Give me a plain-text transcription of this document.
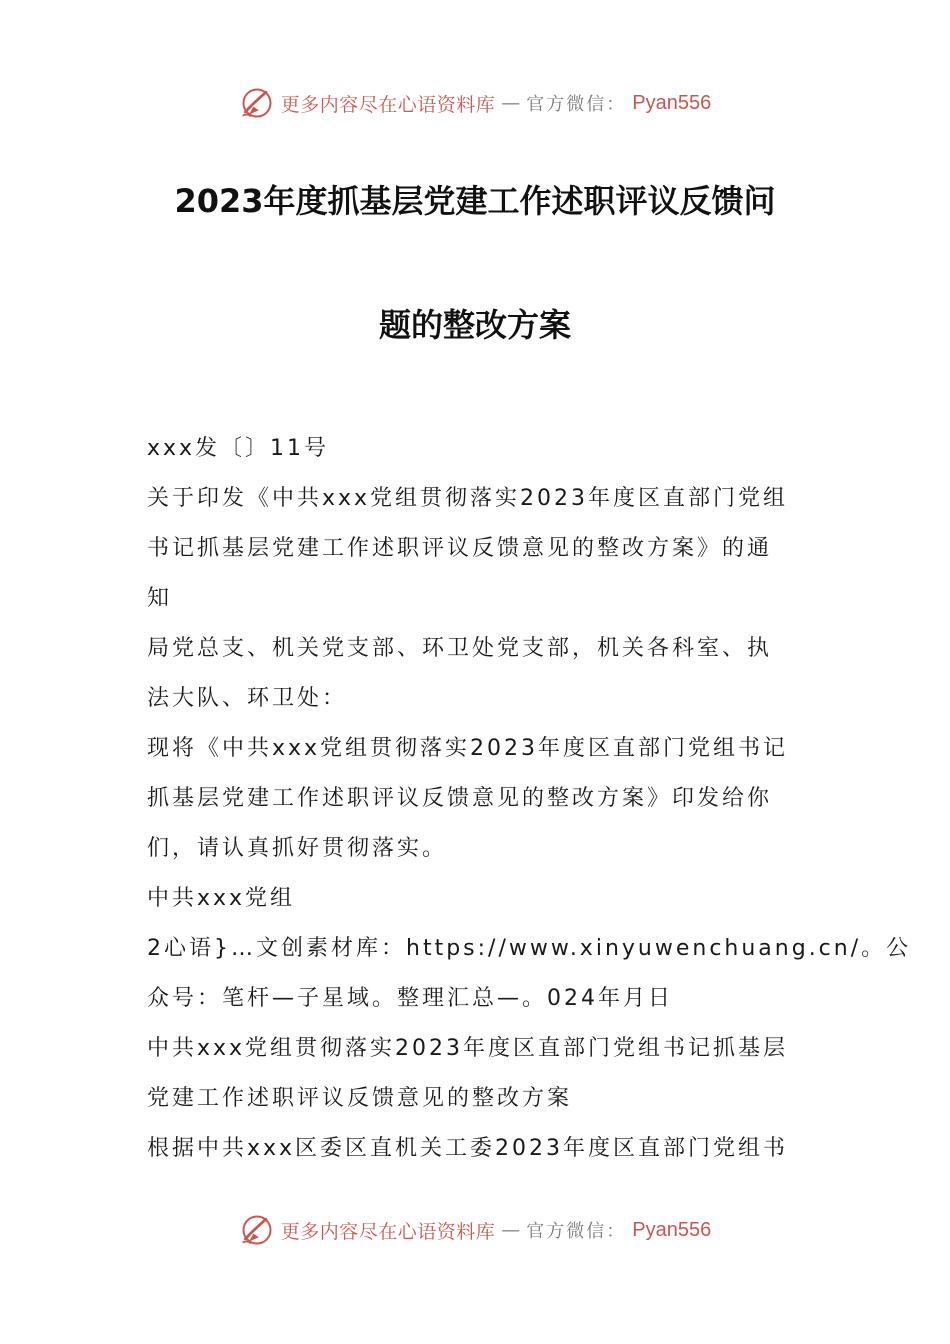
更多内容尽在心语资料库 — 官方微信： Pyan556
2023年度抓基层党建工作述职评议反馈问
题的整改方案
xxx发〔〕11号
关于印发《中共xxx党组贯彻落实2023年度区直部门党组
书记抓基层党建工作述职评议反馈意见的整改方案》的通
知
局党总支、机关党支部、环卫处党支部，机关各科室、执
法大队、环卫处：
现将《中共xxx党组贯彻落实2023年度区直部门党组书记
抓基层党建工作述职评议反馈意见的整改方案》印发给你
们，请认真抓好贯彻落实。
中共xxx党组
2心语}…文创素材库：https://www.xinyuwenchuang.cn/。公
众号：笔杆—子星域。整理汇总—。024年月日
中共xxx党组贯彻落实2023年度区直部门党组书记抓基层
党建工作述职评议反馈意见的整改方案
根据中共xxx区委区直机关工委2023年度区直部门党组书
更多内容尽在心语资料库 — 官方微信： Pyan556
